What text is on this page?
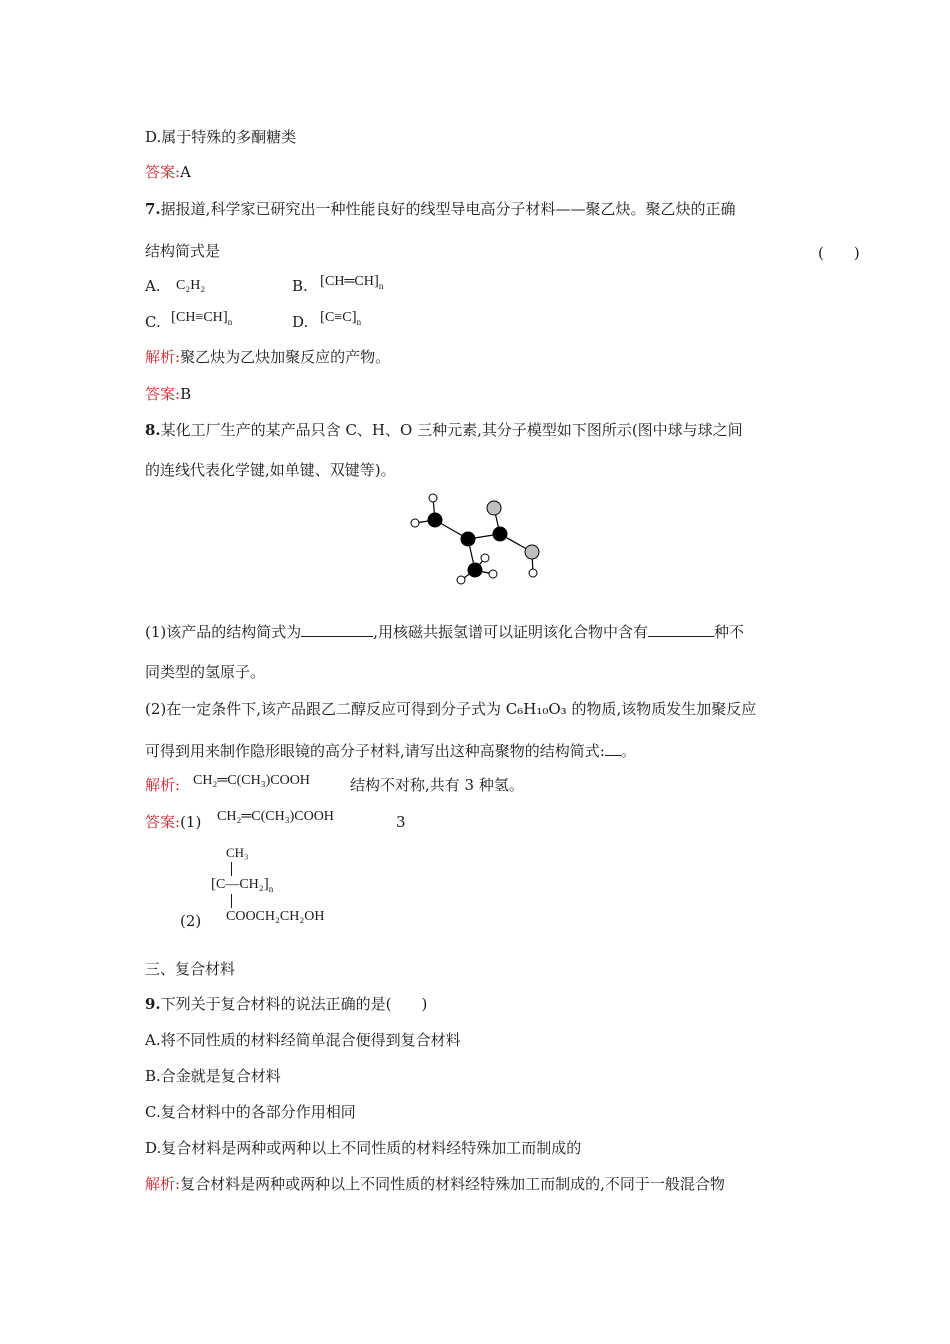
D.属于特殊的多酮糖类
答案:A
7.据报道,科学家已研究出一种性能良好的线型导电高分子材料——聚乙炔。聚乙炔的正确
结构简式是	(　　)
A. C₂H₂	B. $[CH═CH]_n$
C. $[CH\equiv CH]_n$	D. $[C\equiv C]_n$
解析:聚乙炔为乙炔加聚反应的产物。
答案:B
8.某化工厂生产的某产品只含 C、H、O 三种元素,其分子模型如下图所示(图中球与球之间
的连线代表化学键,如单键、双键等)。
(1)该产品的结构简式为	,用核磁共振氢谱可以证明该化合物中含有	种不
同类型的氢原子。
(2)在一定条件下,该产品跟乙二醇反应可得到分子式为 C₆H₁₀O₃ 的物质,该物质发生加聚反应
可得到用来制作隐形眼镜的高分子材料,请写出这种高聚物的结构简式: 。
解析: CH₂═C(CH₃)COOH	结构不对称,共有 3 种氢。
答案:(1) CH₂═C(CH₃)COOH	3
CH₃
$[C—CH_2]_n$
(2) COOCH₂CH₂OH
三、复合材料
9.下列关于复合材料的说法正确的是(　　)
A.将不同性质的材料经简单混合便得到复合材料
B.合金就是复合材料
C.复合材料中的各部分作用相同
D.复合材料是两种或两种以上不同性质的材料经特殊加工而制成的
解析:复合材料是两种或两种以上不同性质的材料经特殊加工而制成的,不同于一般混合物
